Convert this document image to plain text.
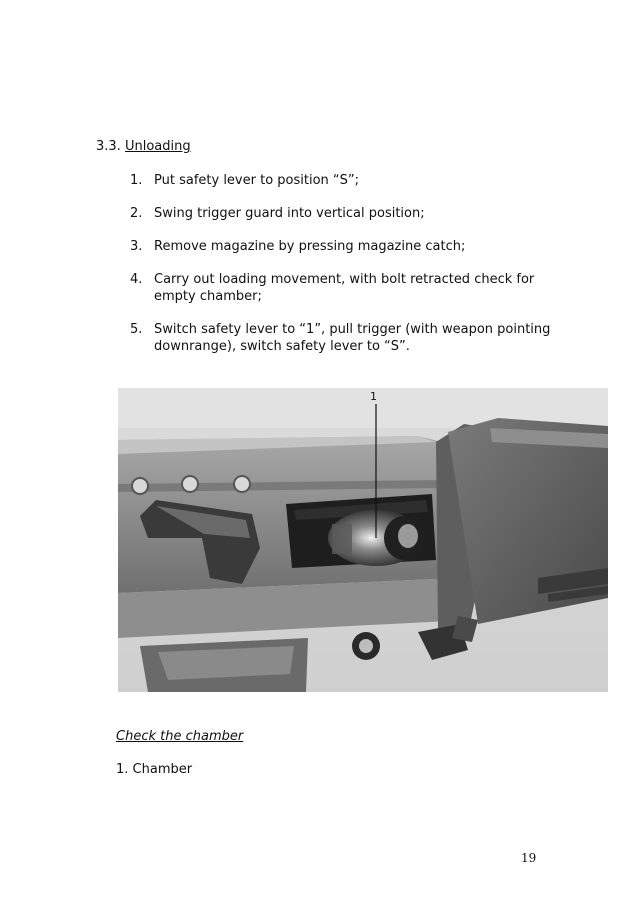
3.3. Unloading
1. Put safety lever to position “S”;
2. Swing trigger guard into vertical position;
3. Remove magazine by pressing magazine catch;
4. Carry out loading movement, with bolt retracted check for empty chamber;
5. Switch safety lever to “1”, pull trigger (with weapon pointing downrange), switch safety lever to “S”.
1
Check the chamber
1. Chamber
19
